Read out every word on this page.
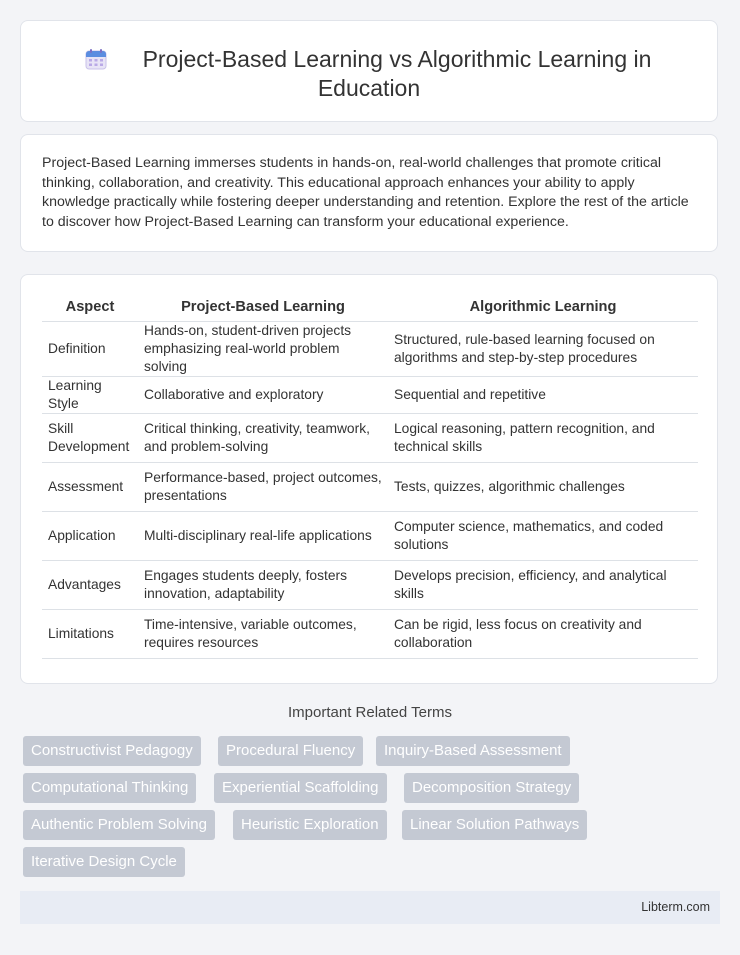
Project-Based Learning vs Algorithmic Learning in
Education

Project-Based Learning immerses students in hands-on, real-world challenges that promote critical thinking, collaboration, and creativity. This educational approach enhances your ability to apply knowledge practically while fostering deeper understanding and retention. Explore the rest of the article to discover how Project-Based Learning can transform your educational experience.

Aspect	Project-Based Learning	Algorithmic Learning
Definition	Hands-on, student-driven projects emphasizing real-world problem solving	Structured, rule-based learning focused on algorithms and step-by-step procedures
Learning Style	Collaborative and exploratory	Sequential and repetitive
Skill Development	Critical thinking, creativity, teamwork, and problem-solving	Logical reasoning, pattern recognition, and technical skills
Assessment	Performance-based, project outcomes, presentations	Tests, quizzes, algorithmic challenges
Application	Multi-disciplinary real-life applications	Computer science, mathematics, and coded solutions
Advantages	Engages students deeply, fosters innovation, adaptability	Develops precision, efficiency, and analytical skills
Limitations	Time-intensive, variable outcomes, requires resources	Can be rigid, less focus on creativity and collaboration
Important Related Terms
Constructivist Pedagogy	Procedural Fluency	Inquiry-Based Assessment
Computational Thinking	Experiential Scaffolding	Decomposition Strategy
Authentic Problem Solving	Heuristic Exploration	Linear Solution Pathways
Iterative Design Cycle
Libterm.com
